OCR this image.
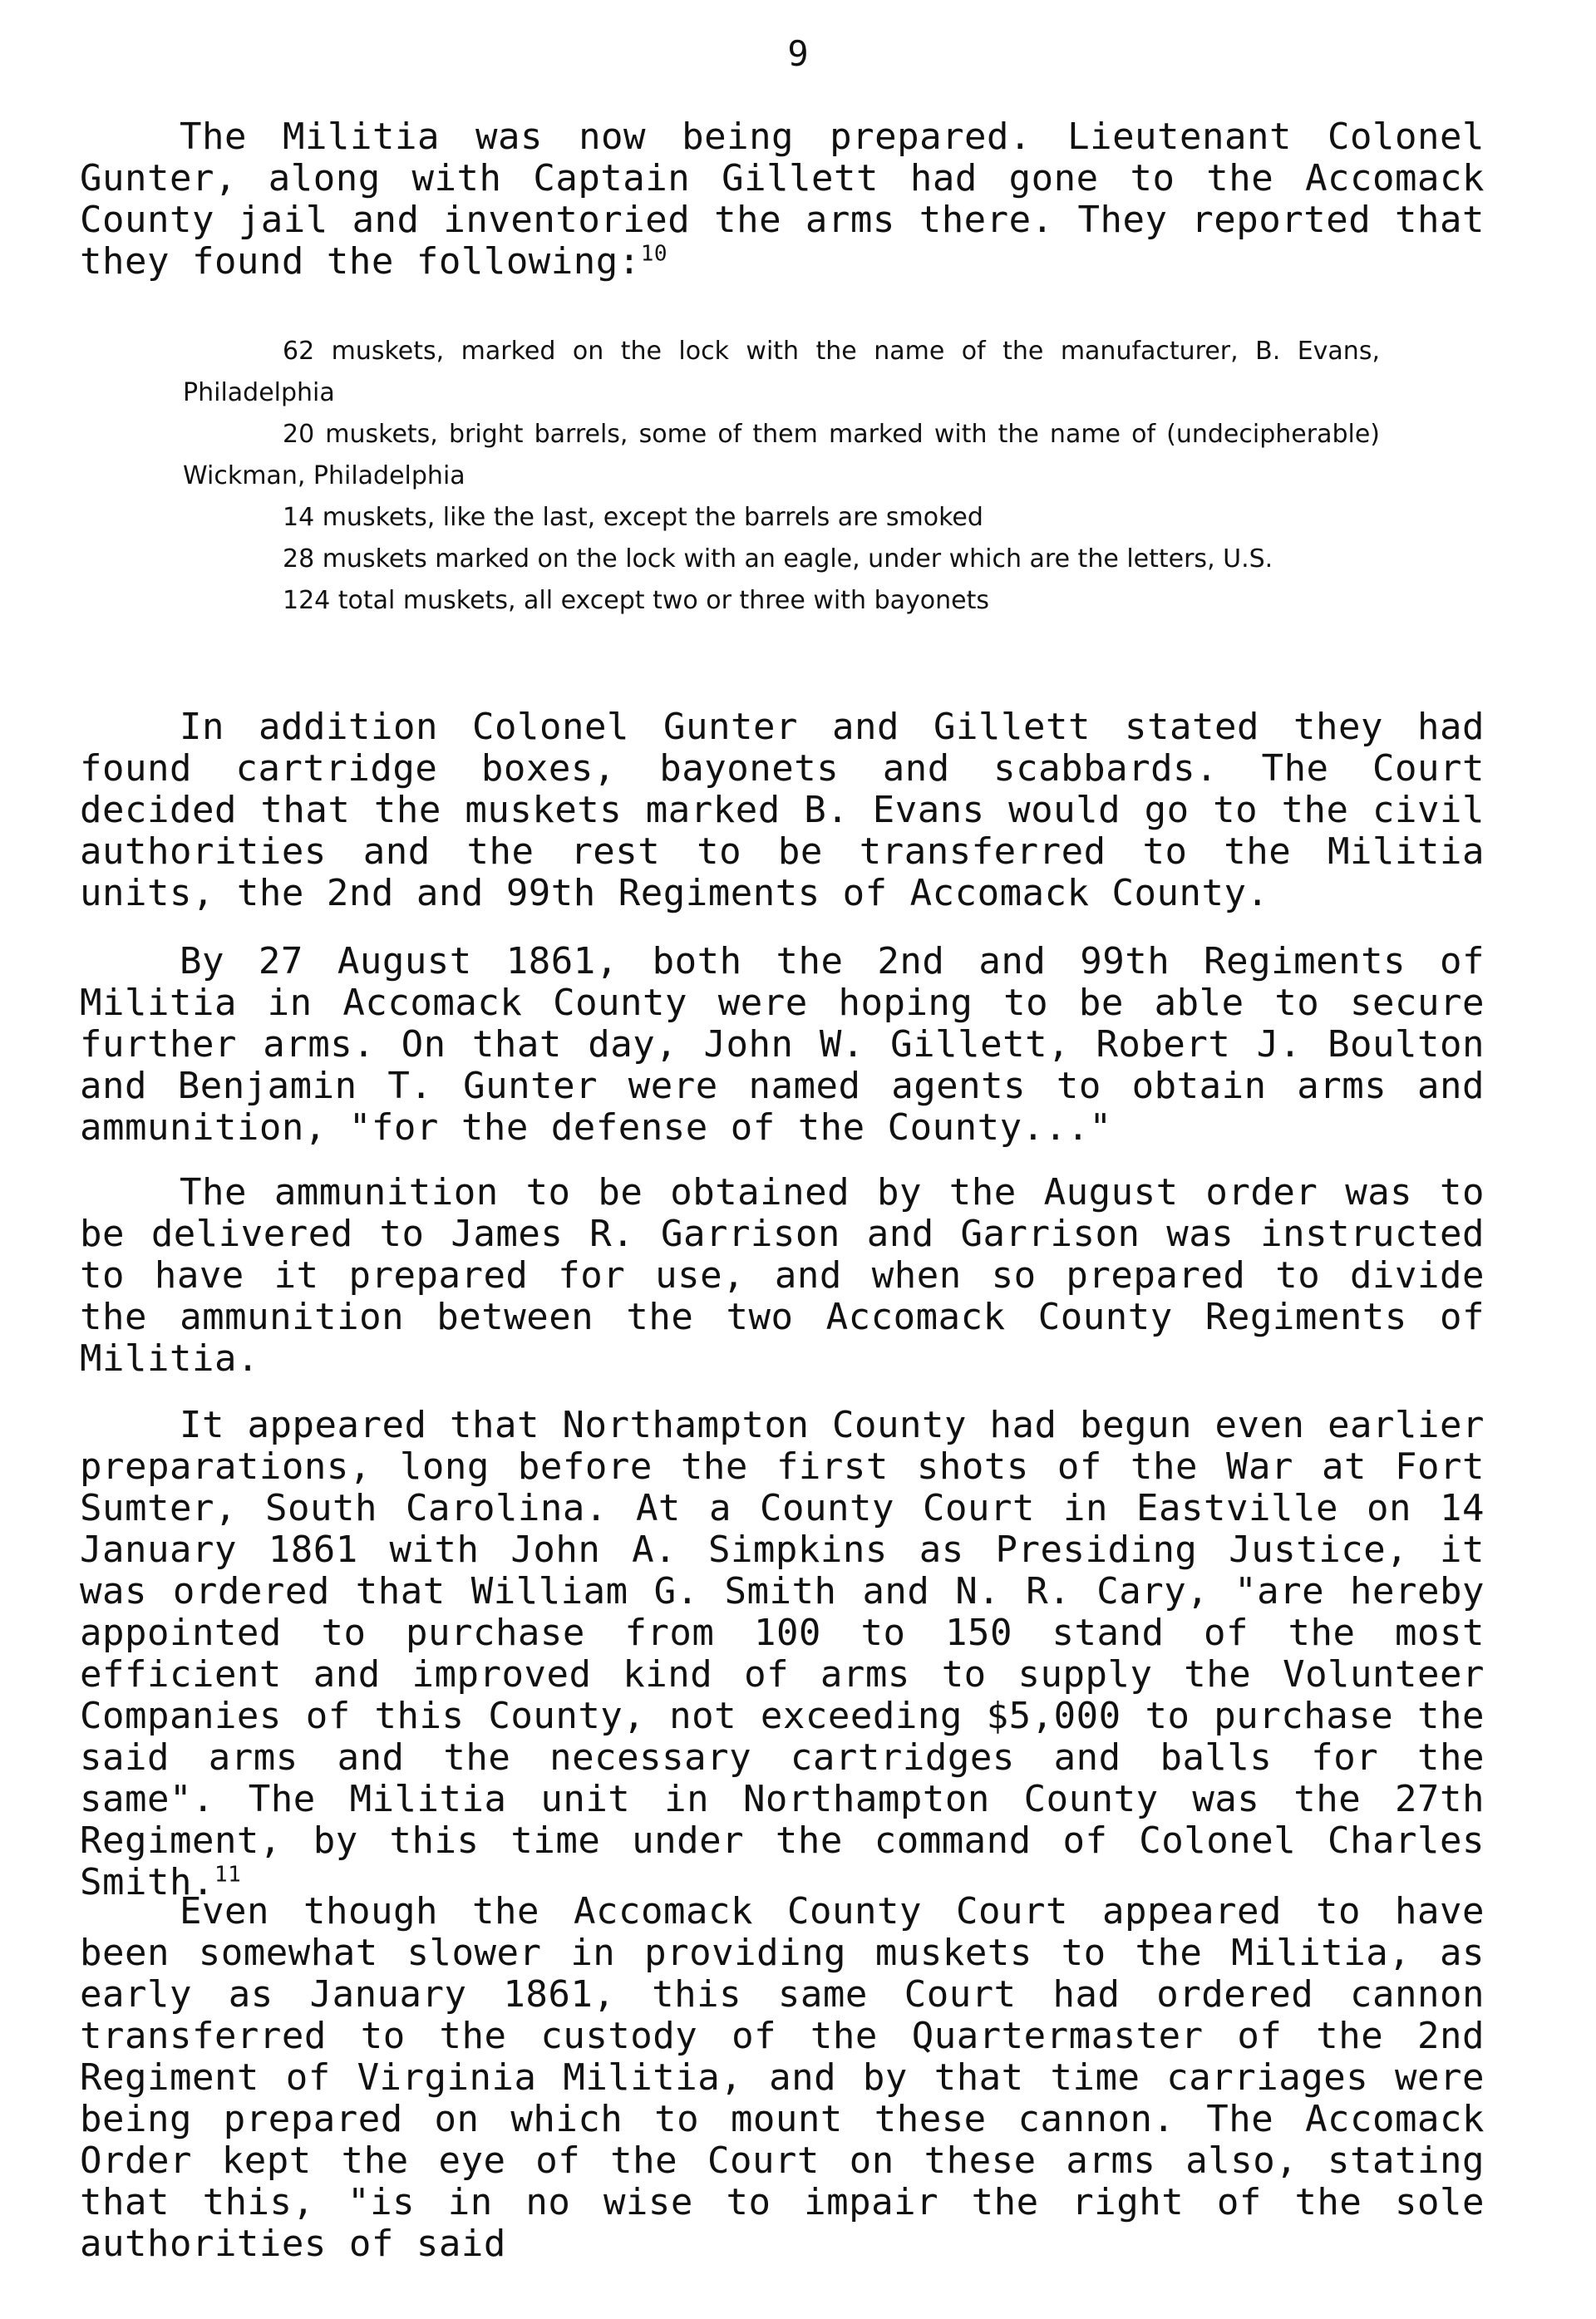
9

The Militia was now being prepared. Lieutenant Colonel Gunter, along with Captain Gillett had gone to the Accomack County jail and inventoried the arms there. They reported that they found the following:$^{10}$

62 muskets, marked on the lock with the name of the manufacturer, B. Evans, Philadelphia
20 muskets, bright barrels, some of them marked with the name of (undecipherable) Wickman, Philadelphia
14 muskets, like the last, except the barrels are smoked
28 muskets marked on the lock with an eagle, under which are the letters, U.S.
124 total muskets, all except two or three with bayonets

In addition Colonel Gunter and Gillett stated they had found cartridge boxes, bayonets and scabbards. The Court decided that the muskets marked B. Evans would go to the civil authorities and the rest to be transferred to the Militia units, the 2nd and 99th Regiments of Accomack County.

By 27 August 1861, both the 2nd and 99th Regiments of Militia in Accomack County were hoping to be able to secure further arms. On that day, John W. Gillett, Robert J. Boulton and Benjamin T. Gunter were named agents to obtain arms and ammunition, "for the defense of the County..."

The ammunition to be obtained by the August order was to be delivered to James R. Garrison and Garrison was instructed to have it prepared for use, and when so prepared to divide the ammunition between the two Accomack County Regiments of Militia.

It appeared that Northampton County had begun even earlier preparations, long before the first shots of the War at Fort Sumter, South Carolina. At a County Court in Eastville on 14 January 1861 with John A. Simpkins as Presiding Justice, it was ordered that William G. Smith and N. R. Cary, "are hereby appointed to purchase from 100 to 150 stand of the most efficient and improved kind of arms to supply the Volunteer Companies of this County, not exceeding $5,000 to purchase the said arms and the necessary cartridges and balls for the same". The Militia unit in Northampton County was the 27th Regiment, by this time under the command of Colonel Charles Smith.$^{11}$

Even though the Accomack County Court appeared to have been somewhat slower in providing muskets to the Militia, as early as January 1861, this same Court had ordered cannon transferred to the custody of the Quartermaster of the 2nd Regiment of Virginia Militia, and by that time carriages were being prepared on which to mount these cannon. The Accomack Order kept the eye of the Court on these arms also, stating that this, "is in no wise to impair the right of the sole authorities of said
